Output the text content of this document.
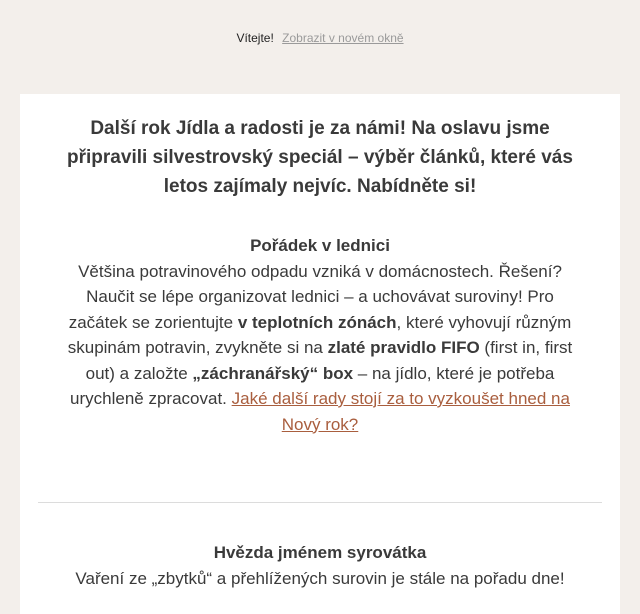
Vítejte! Zobrazit v novém okně

Další rok Jídla a radosti je za námi! Na oslavu jsme připravili silvestrovský speciál – výběr článků, které vás letos zajímaly nejvíc. Nabídněte si!

Pořádek v lednici

Většina potravinového odpadu vzniká v domácnostech. Řešení? Naučit se lépe organizovat lednici – a uchovávat suroviny! Pro začátek se zorientujte v teplotních zónách, které vyhovují různým skupinám potravin, zvykněte si na zlaté pravidlo FIFO (first in, first out) a založte „záchranářský“ box – na jídlo, které je potřeba urychleně zpracovat. Jaké další rady stojí za to vyzkoušet hned na Nový rok?

Hvězda jménem syrovátka

Vaření ze „zbytků“ a přehlížených surovin je stále na pořadu dne!
